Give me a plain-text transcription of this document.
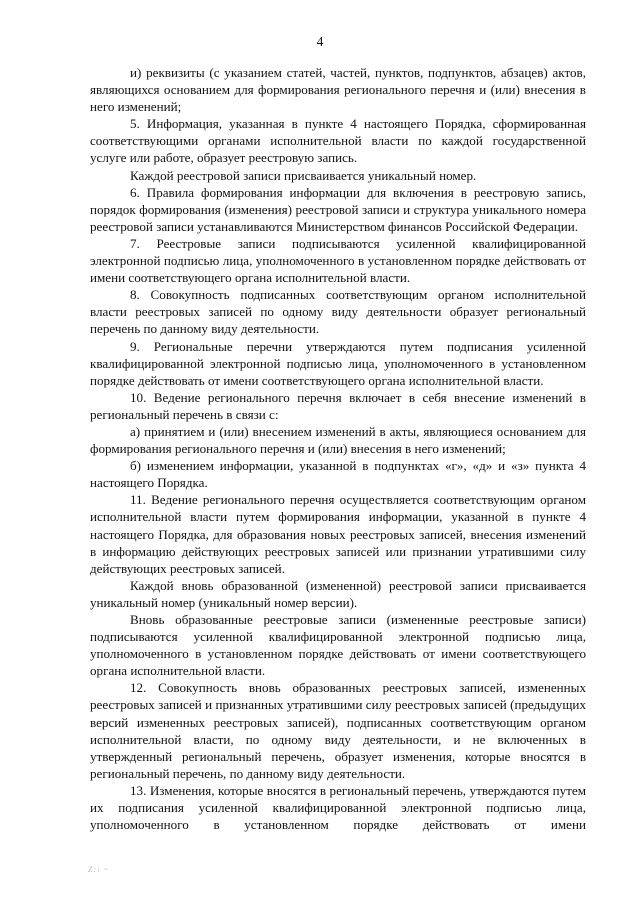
4

и) реквизиты (с указанием статей, частей, пунктов, подпунктов, абзацев) актов, являющихся основанием для формирования регионального перечня и (или) внесения в него изменений;

5. Информация, указанная в пункте 4 настоящего Порядка, сформированная соответствующими органами исполнительной власти по каждой государственной услуге или работе, образует реестровую запись.

Каждой реестровой записи присваивается уникальный номер.

6. Правила формирования информации для включения в реестровую запись, порядок формирования (изменения) реестровой записи и структура уникального номера реестровой записи устанавливаются Министерством финансов Российской Федерации.

7. Реестровые записи подписываются усиленной квалифицированной электронной подписью лица, уполномоченного в установленном порядке действовать от имени соответствующего органа исполнительной власти.

8. Совокупность подписанных соответствующим органом исполнительной власти реестровых записей по одному виду деятельности образует региональный перечень по данному виду деятельности.

9. Региональные перечни утверждаются путем подписания усиленной квалифицированной электронной подписью лица, уполномоченного в установленном порядке действовать от имени соответствующего органа исполнительной власти.

10. Ведение регионального перечня включает в себя внесение изменений в региональный перечень в связи с:

а) принятием и (или) внесением изменений в акты, являющиеся основанием для формирования регионального перечня и (или) внесения в него изменений;

б) изменением информации, указанной в подпунктах «г», «д» и «з» пункта 4 настоящего Порядка.

11. Ведение регионального перечня осуществляется соответствующим органом исполнительной власти путем формирования информации, указанной в пункте 4 настоящего Порядка, для образования новых реестровых записей, внесения изменений в информацию действующих реестровых записей или признании утратившими силу действующих реестровых записей.

Каждой вновь образованной (измененной) реестровой записи присваивается уникальный номер (уникальный номер версии).

Вновь образованные реестровые записи (измененные реестровые записи) подписываются усиленной квалифицированной электронной подписью лица, уполномоченного в установленном порядке действовать от имени соответствующего органа исполнительной власти.

12. Совокупность вновь образованных реестровых записей, измененных реестровых записей и признанных утратившими силу реестровых записей (предыдущих версий измененных реестровых записей), подписанных соответствующим органом исполнительной власти, по одному виду деятельности, и не включенных в утвержденный региональный перечень, образует изменения, которые вносятся в региональный перечень, по данному виду деятельности.

13. Изменения, которые вносятся в региональный перечень, утверждаются путем их подписания усиленной квалифицированной электронной подписью лица, уполномоченного в установленном порядке действовать от имени

Z:\ ~
